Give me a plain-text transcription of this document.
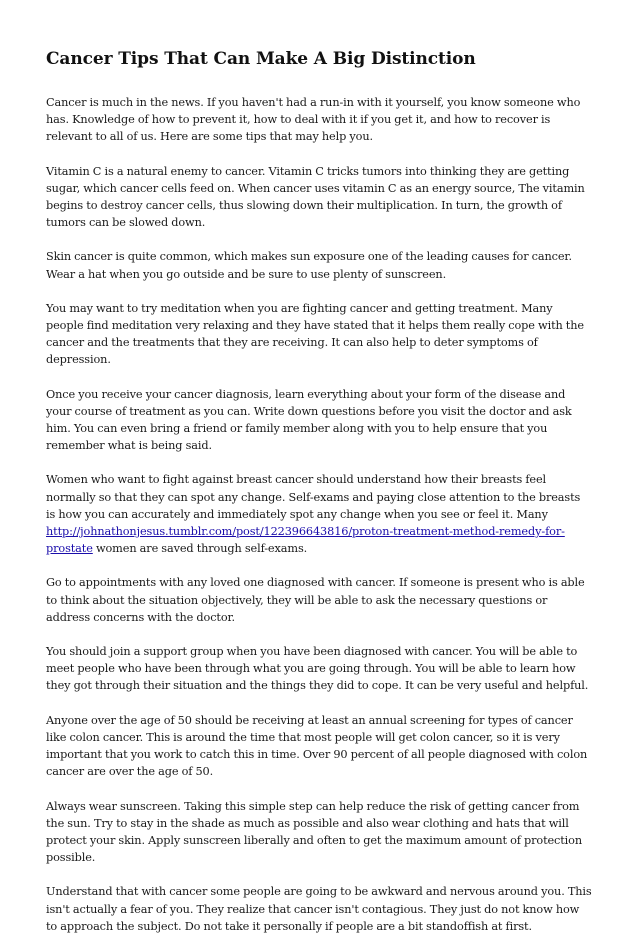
Cancer Tips That Can Make A Big Distinction

Cancer is much in the news. If you haven't had a run-in with it yourself, you know someone who has. Knowledge of how to prevent it, how to deal with it if you get it, and how to recover is relevant to all of us. Here are some tips that may help you.

Vitamin C is a natural enemy to cancer. Vitamin C tricks tumors into thinking they are getting sugar, which cancer cells feed on. When cancer uses vitamin C as an energy source, The vitamin begins to destroy cancer cells, thus slowing down their multiplication. In turn, the growth of tumors can be slowed down.

Skin cancer is quite common, which makes sun exposure one of the leading causes for cancer. Wear a hat when you go outside and be sure to use plenty of sunscreen.

You may want to try meditation when you are fighting cancer and getting treatment. Many people find meditation very relaxing and they have stated that it helps them really cope with the cancer and the treatments that they are receiving. It can also help to deter symptoms of depression.

Once you receive your cancer diagnosis, learn everything about your form of the disease and your course of treatment as you can. Write down questions before you visit the doctor and ask him. You can even bring a friend or family member along with you to help ensure that you remember what is being said.

Women who want to fight against breast cancer should understand how their breasts feel normally so that they can spot any change. Self-exams and paying close attention to the breasts is how you can accurately and immediately spot any change when you see or feel it. Many http://johnathonjesus.tumblr.com/post/122396643816/proton-treatment-method-remedy-for-prostate women are saved through self-exams.

Go to appointments with any loved one diagnosed with cancer. If someone is present who is able to think about the situation objectively, they will be able to ask the necessary questions or address concerns with the doctor.

You should join a support group when you have been diagnosed with cancer. You will be able to meet people who have been through what you are going through. You will be able to learn how they got through their situation and the things they did to cope. It can be very useful and helpful.

Anyone over the age of 50 should be receiving at least an annual screening for types of cancer like colon cancer. This is around the time that most people will get colon cancer, so it is very important that you work to catch this in time. Over 90 percent of all people diagnosed with colon cancer are over the age of 50.

Always wear sunscreen. Taking this simple step can help reduce the risk of getting cancer from the sun. Try to stay in the shade as much as possible and also wear clothing and hats that will protect your skin. Apply sunscreen liberally and often to get the maximum amount of protection possible.

Understand that with cancer some people are going to be awkward and nervous around you. This isn't actually a fear of you. They realize that cancer isn't contagious. They just do not know how to approach the subject. Do not take it personally if people are a bit standoffish at first.
